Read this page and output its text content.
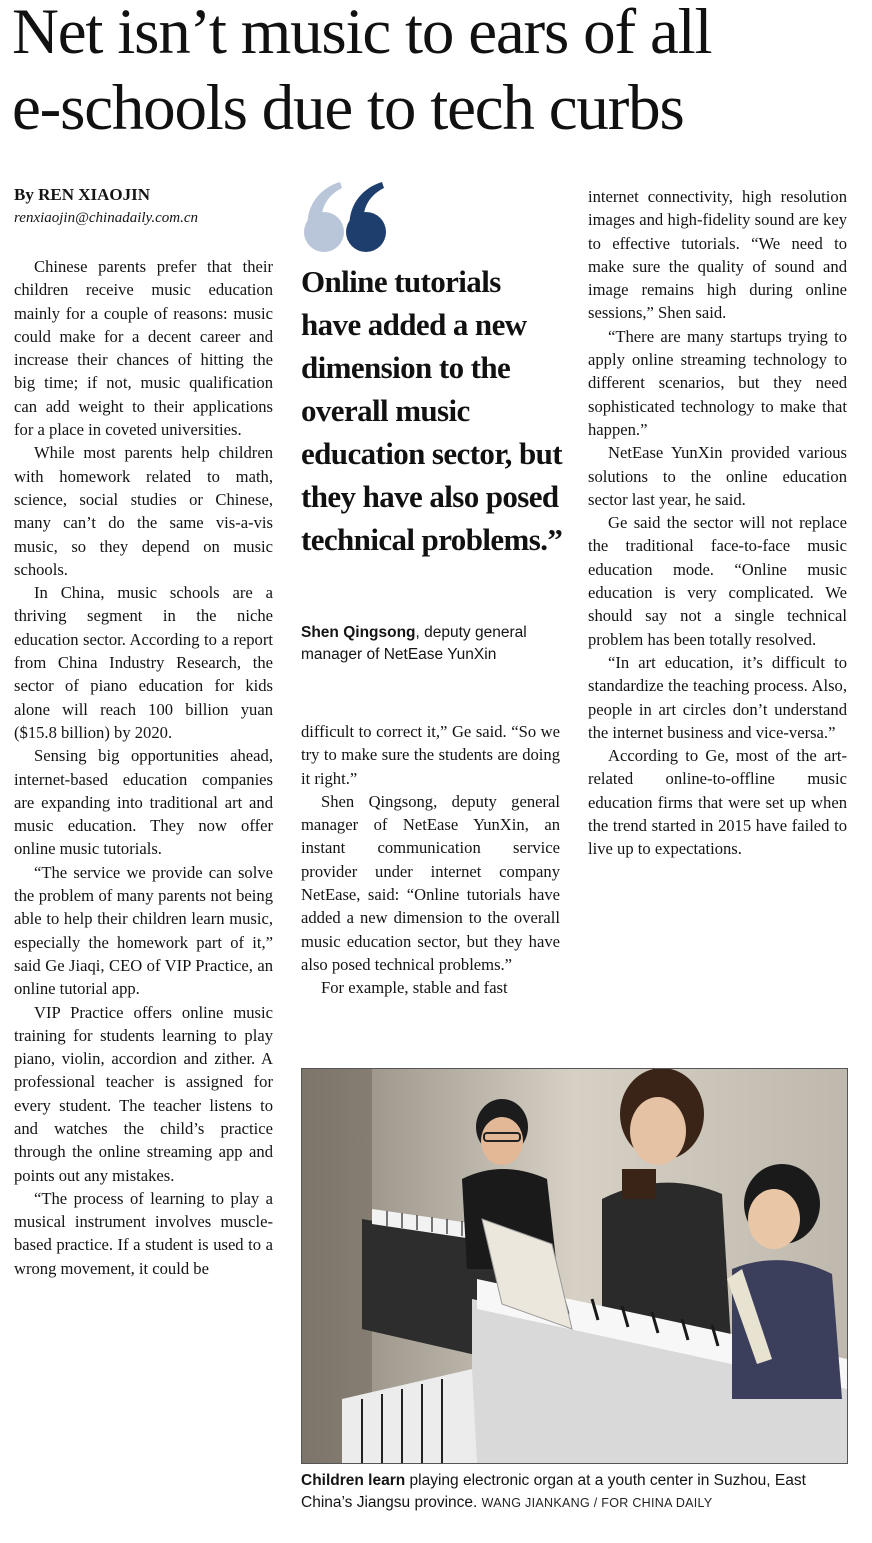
Net isn’t music to ears of all
e-schools due to tech curbs
By REN XIAOJIN
renxiaojin@chinadaily.com.cn

Chinese parents prefer that their children receive music education mainly for a couple of reasons: music could make for a decent career and increase their chances of hitting the big time; if not, music qualification can add weight to their applications for a place in coveted universities.

While most parents help children with homework related to math, science, social studies or Chinese, many can’t do the same vis-a-vis music, so they depend on music schools.

In China, music schools are a thriving segment in the niche education sector. According to a report from China Industry Research, the sector of piano education for kids alone will reach 100 billion yuan ($15.8 billion) by 2020.

Sensing big opportunities ahead, internet-based education companies are expanding into traditional art and music education. They now offer online music tutorials.

“The service we provide can solve the problem of many parents not being able to help their children learn music, especially the homework part of it,” said Ge Jiaqi, CEO of VIP Practice, an online tutorial app.

VIP Practice offers online music training for students learning to play piano, violin, accordion and zither. A professional teacher is assigned for every student. The teacher listens to and watches the child’s practice through the online streaming app and points out any mistakes.

“The process of learning to play a musical instrument involves muscle-based practice. If a student is used to a wrong movement, it could be

Online tutorials have added a new dimension to the overall music education sector, but they have also posed technical problems.”

Shen Qingsong, deputy general manager of NetEase YunXin

difficult to correct it,” Ge said. “So we try to make sure the students are doing it right.”

Shen Qingsong, deputy general manager of NetEase YunXin, an instant communication service provider under internet company NetEase, said: “Online tutorials have added a new dimension to the overall music education sector, but they have also posed technical problems.”

For example, stable and fast

internet connectivity, high resolution images and high-fidelity sound are key to effective tutorials. “We need to make sure the quality of sound and image remains high during online sessions,” Shen said.

“There are many startups trying to apply online streaming technology to different scenarios, but they need sophisticated technology to make that happen.”

NetEase YunXin provided various solutions to the online education sector last year, he said.

Ge said the sector will not replace the traditional face-to-face music education mode. “Online music education is very complicated. We should say not a single technical problem has been totally resolved.

“In art education, it’s difficult to standardize the teaching process. Also, people in art circles don’t understand the internet business and vice-versa.”

According to Ge, most of the art-related online-to-offline music education firms that were set up when the trend started in 2015 have failed to live up to expectations.

Children learn playing electronic organ at a youth center in Suzhou, East China’s Jiangsu province. WANG JIANKANG / FOR CHINA DAILY
